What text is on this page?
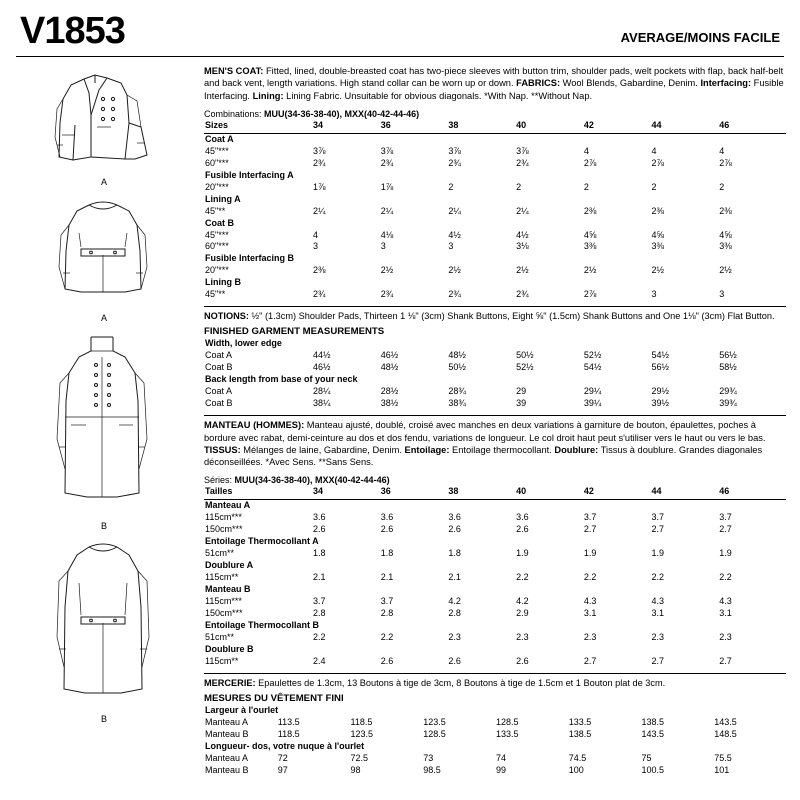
V1853	AVERAGE/MOINS FACILE
A
A
B
B
MEN'S COAT: Fitted, lined, double-breasted coat has two-piece sleeves with button trim, shoulder pads, welt pockets with flap, back half-belt and back vent, length variations. High stand collar can be worn up or down. FABRICS: Wool Blends, Gabardine, Denim. Interfacing: Fusible Interfacing. Lining: Lining Fabric. Unsuitable for obvious diagonals. *With Nap. **Without Nap.
Combinations: MUU(34-36-38-40), MXX(40-42-44-46)
Sizes	34	36	38	40	42	44	46
Coat A							
45"***	3⅞	3⅞	3⅞	3⅞	4	4	4
60"***	2¾	2¾	2¾	2¾	2⅞	2⅞	2⅞
Fusible Interfacing A							
20"***	1⅞	1⅞	2	2	2	2	2
Lining A							
45"**	2¼	2¼	2¼	2¼	2⅜	2⅜	2⅜
Coat B							
45"***	4	4⅛	4½	4½	4⅝	4⅝	4⅝
60"***	3	3	3	3⅛	3⅜	3⅜	3⅜
Fusible Interfacing B							
20"***	2⅜	2½	2½	2½	2½	2½	2½
Lining B							
45"**	2¾	2¾	2¾	2¾	2⅞	3	3
NOTIONS: ½" (1.3cm) Shoulder Pads, Thirteen 1 ⅛" (3cm) Shank Buttons, Eight ⅝" (1.5cm) Shank Buttons and One 1⅛" (3cm) Flat Button.
FINISHED GARMENT MEASUREMENTS
Width, lower edge							
Coat A	44½	46½	48½	50½	52½	54½	56½
Coat B	46½	48½	50½	52½	54½	56½	58½
Back length from base of your neck							
Coat A	28¼	28½	28¾	29	29¼	29½	29¾
Coat B	38¼	38½	38¾	39	39¼	39½	39¾
MANTEAU (HOMMES): Manteau ajusté, doublé, croisé avec manches en deux variations à garniture de bouton, épaulettes, poches à bordure avec rabat, demi-ceinture au dos et dos fendu, variations de longueur. Le col droit haut peut s'utiliser vers le haut ou vers le bas. TISSUS: Mélanges de laine, Gabardine, Denim. Entoilage: Entoilage thermocollant. Doublure: Tissus à doublure. Grandes diagonales déconseillées. *Avec Sens. **Sans Sens.
Séries: MUU(34-36-38-40), MXX(40-42-44-46)
Tailles	34	36	38	40	42	44	46
Manteau A							
115cm***	3.6	3.6	3.6	3.6	3.7	3.7	3.7
150cm***	2.6	2.6	2.6	2.6	2.7	2.7	2.7
Entoilage Thermocollant A							
51cm**	1.8	1.8	1.8	1.9	1.9	1.9	1.9
Doublure A							
115cm**	2.1	2.1	2.1	2.2	2.2	2.2	2.2
Manteau B							
115cm***	3.7	3.7	4.2	4.2	4.3	4.3	4.3
150cm***	2.8	2.8	2.8	2.9	3.1	3.1	3.1
Entoilage Thermocollant B							
51cm**	2.2	2.2	2.3	2.3	2.3	2.3	2.3
Doublure B							
115cm**	2.4	2.6	2.6	2.6	2.7	2.7	2.7
MERCERIE: Epaulettes de 1.3cm, 13 Boutons à tige de 3cm, 8 Boutons à tige de 1.5cm et 1 Bouton plat de 3cm.
MESURES DU VÊTEMENT FINI
Largeur à l'ourlet							
Manteau A	113.5	118.5	123.5	128.5	133.5	138.5	143.5
Manteau B	118.5	123.5	128.5	133.5	138.5	143.5	148.5
Longueur- dos, votre nuque à l'ourlet							
Manteau A	72	72.5	73	74	74.5	75	75.5
Manteau B	97	98	98.5	99	100	100.5	101
